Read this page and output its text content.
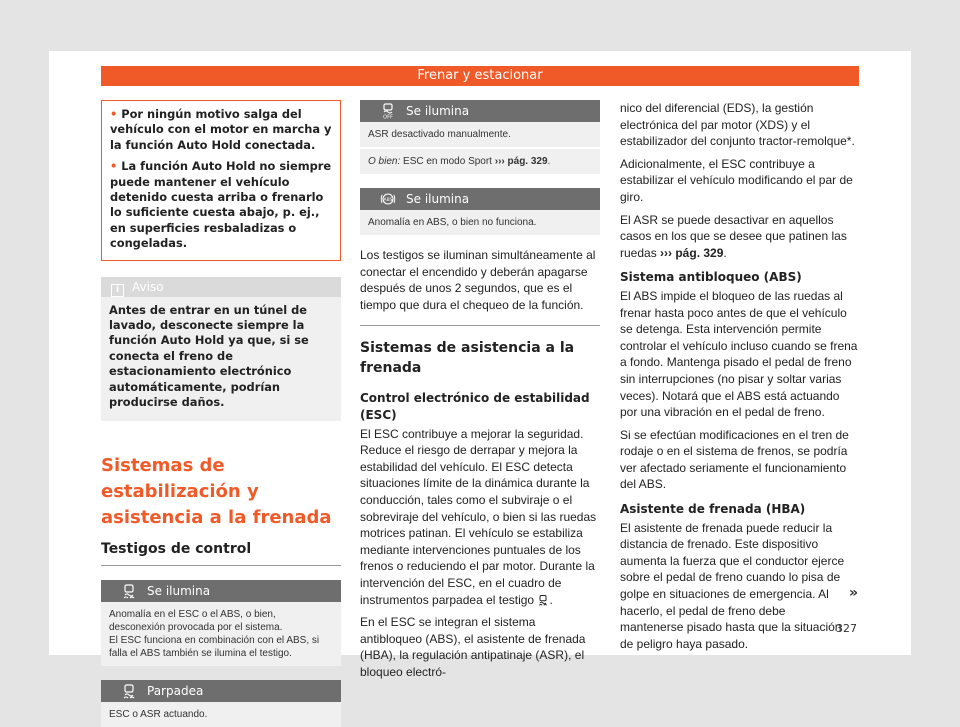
Frenar y estacionar

• Por ningún motivo salga del vehículo con el motor en marcha y la función Auto Hold conectada.

• La función Auto Hold no siempre puede mantener el vehículo detenido cuesta arriba o frenarlo lo suficiente cuesta abajo, p. ej., en superficies resbaladizas o congeladas.

i Aviso
Antes de entrar en un túnel de lavado, desconecte siempre la función Auto Hold ya que, si se conecta el freno de estacionamiento electrónico automáticamente, podrían producirse daños.
Sistemas de estabilización y asistencia a la frenada
Testigos de control
Se ilumina
Anomalía en el ESC o el ABS, o bien, desconexión provocada por el sistema.
El ESC funciona en combinación con el ABS, si falla el ABS también se ilumina el testigo.
Parpadea
ESC o ASR actuando.
OFF Se ilumina
ASR desactivado manualmente.
O bien: ESC en modo Sport ››› pág. 329.
ABS Se ilumina
Anomalía en ABS, o bien no funciona.

Los testigos se iluminan simultáneamente al conectar el encendido y deberán apagarse después de unos 2 segundos, que es el tiempo que dura el chequeo de la función.

Sistemas de asistencia a la frenada
Control electrónico de estabilidad (ESC)

El ESC contribuye a mejorar la seguridad. Reduce el riesgo de derrapar y mejora la estabilidad del vehículo. El ESC detecta situaciones límite de la dinámica durante la conducción, tales como el subviraje o el sobreviraje del vehículo, o bien si las ruedas motrices patinan. El vehículo se estabiliza mediante intervenciones puntuales de los frenos o reduciendo el par motor. Durante la intervención del ESC, en el cuadro de instrumentos parpadea el testigo .

En el ESC se integran el sistema antibloqueo (ABS), el asistente de frenada (HBA), la regulación antipatinaje (ASR), el bloqueo electró-

nico del diferencial (EDS), la gestión electrónica del par motor (XDS) y el estabilizador del conjunto tractor-remolque*.

Adicionalmente, el ESC contribuye a estabilizar el vehículo modificando el par de giro.

El ASR se puede desactivar en aquellos casos en los que se desee que patinen las ruedas ››› pág. 329.

Sistema antibloqueo (ABS)

El ABS impide el bloqueo de las ruedas al frenar hasta poco antes de que el vehículo se detenga. Esta intervención permite controlar el vehículo incluso cuando se frena a fondo. Mantenga pisado el pedal de freno sin interrupciones (no pisar y soltar varias veces). Notará que el ABS está actuando por una vibración en el pedal de freno.

Si se efectúan modificaciones en el tren de rodaje o en el sistema de frenos, se podría ver afectado seriamente el funcionamiento del ABS.

Asistente de frenada (HBA)

El asistente de frenada puede reducir la distancia de frenado. Este dispositivo aumenta la fuerza que el conductor ejerce sobre el pedal de freno cuando lo pisa de golpe en situaciones de emergencia. Al hacerlo, el pedal de freno debe mantenerse pisado hasta que la situación de peligro haya pasado.

»
327
